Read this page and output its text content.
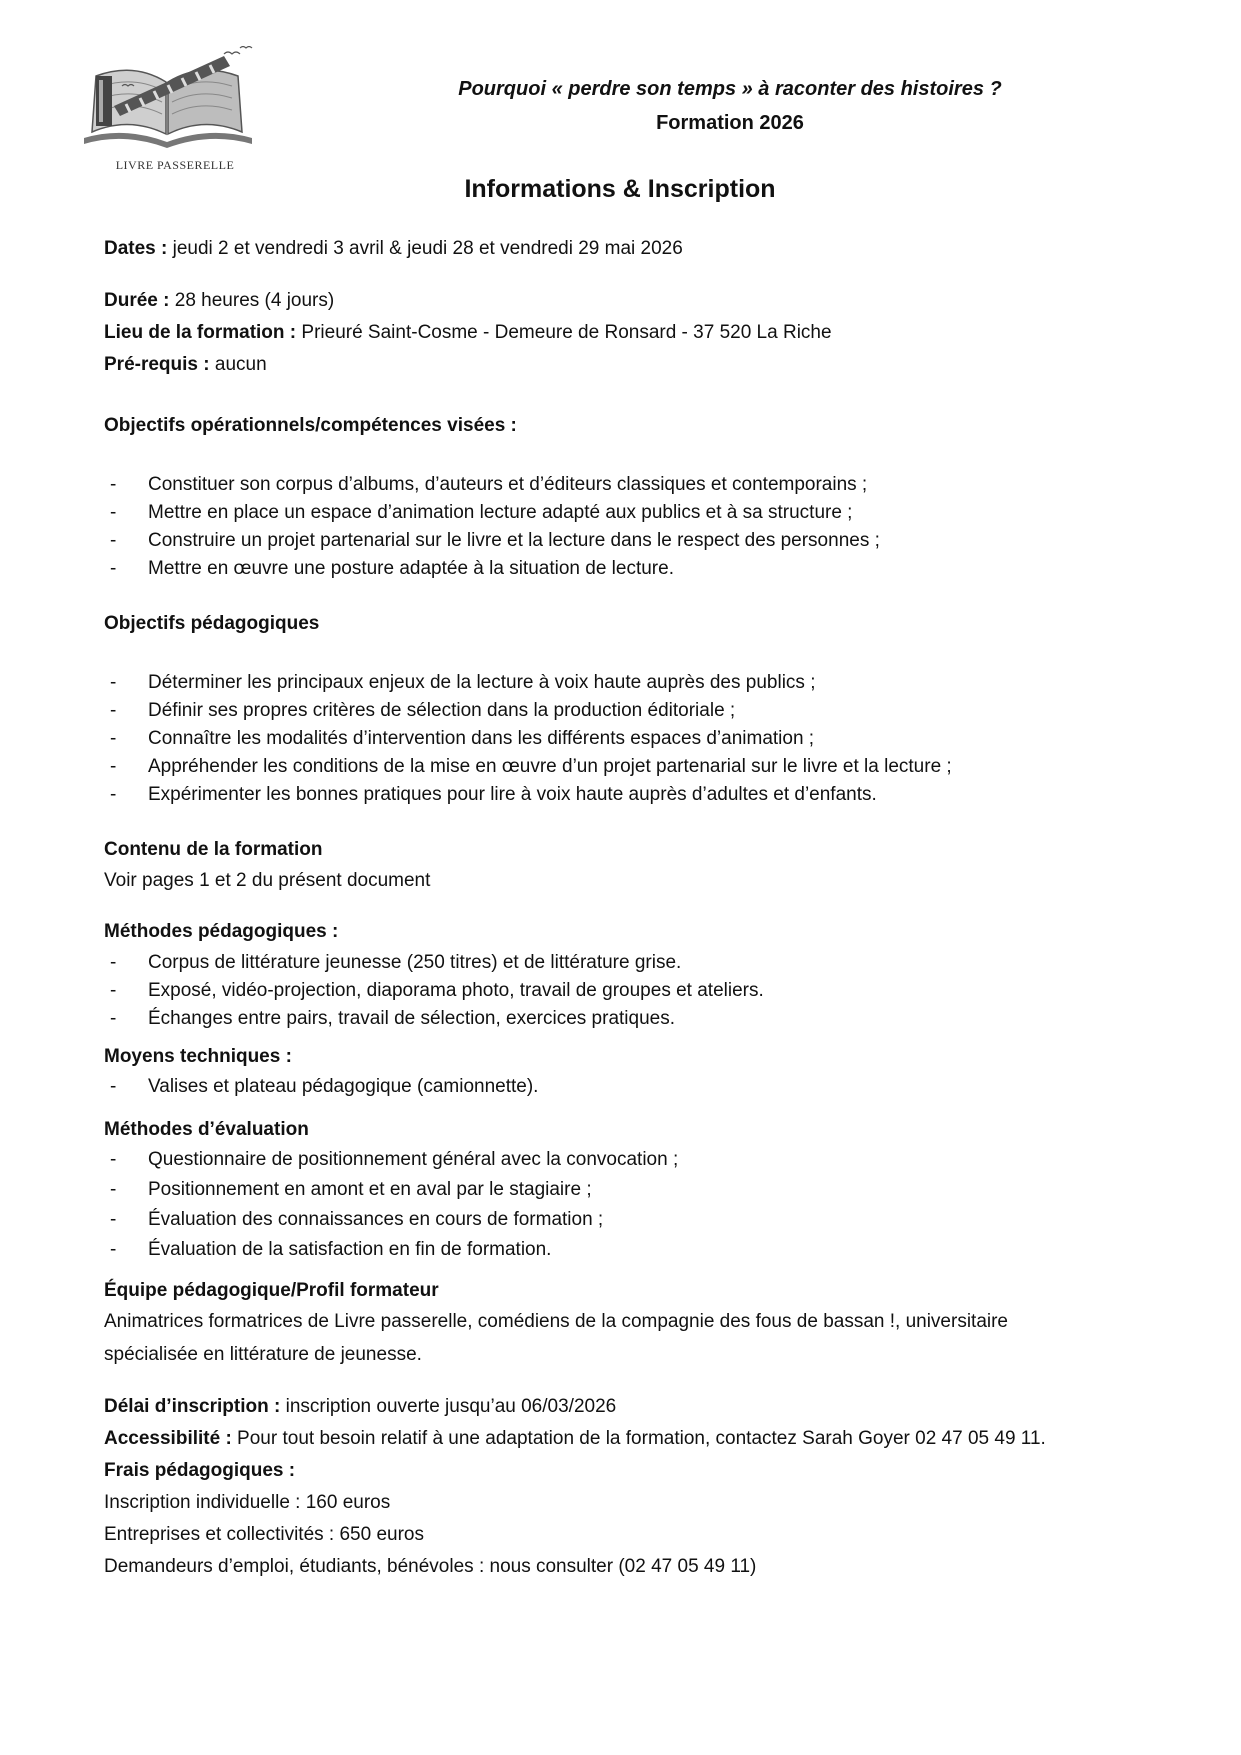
LIVRE PASSERELLE
Pourquoi « perdre son temps » à raconter des histoires ?
Formation 2026
Informations & Inscription
Dates : jeudi 2 et vendredi 3 avril & jeudi 28 et vendredi 29 mai 2026
Durée : 28 heures (4 jours)
Lieu de la formation : Prieuré Saint-Cosme - Demeure de Ronsard - 37 520 La Riche
Pré-requis : aucun
Objectifs opérationnels/compétences visées :
- Constituer son corpus d’albums, d’auteurs et d’éditeurs classiques et contemporains ;
- Mettre en place un espace d’animation lecture adapté aux publics et à sa structure ;
- Construire un projet partenarial sur le livre et la lecture dans le respect des personnes ;
- Mettre en œuvre une posture adaptée à la situation de lecture.
Objectifs pédagogiques
- Déterminer les principaux enjeux de la lecture à voix haute auprès des publics ;
- Définir ses propres critères de sélection dans la production éditoriale ;
- Connaître les modalités d’intervention dans les différents espaces d’animation ;
- Appréhender les conditions de la mise en œuvre d’un projet partenarial sur le livre et la lecture ;
- Expérimenter les bonnes pratiques pour lire à voix haute auprès d’adultes et d’enfants.
Contenu de la formation
Voir pages 1 et 2 du présent document
Méthodes pédagogiques :
- Corpus de littérature jeunesse (250 titres) et de littérature grise.
- Exposé, vidéo-projection, diaporama photo, travail de groupes et ateliers.
- Échanges entre pairs, travail de sélection, exercices pratiques.
Moyens techniques :
- Valises et plateau pédagogique (camionnette).
Méthodes d’évaluation
- Questionnaire de positionnement général avec la convocation ;
- Positionnement en amont et en aval par le stagiaire ;
- Évaluation des connaissances en cours de formation ;
- Évaluation de la satisfaction en fin de formation.
Équipe pédagogique/Profil formateur
Animatrices formatrices de Livre passerelle, comédiens de la compagnie des fous de bassan !, universitaire
spécialisée en littérature de jeunesse.
Délai d’inscription : inscription ouverte jusqu’au 06/03/2026
Accessibilité : Pour tout besoin relatif à une adaptation de la formation, contactez Sarah Goyer 02 47 05 49 11.
Frais pédagogiques :
Inscription individuelle : 160 euros
Entreprises et collectivités : 650 euros
Demandeurs d’emploi, étudiants, bénévoles : nous consulter (02 47 05 49 11)
